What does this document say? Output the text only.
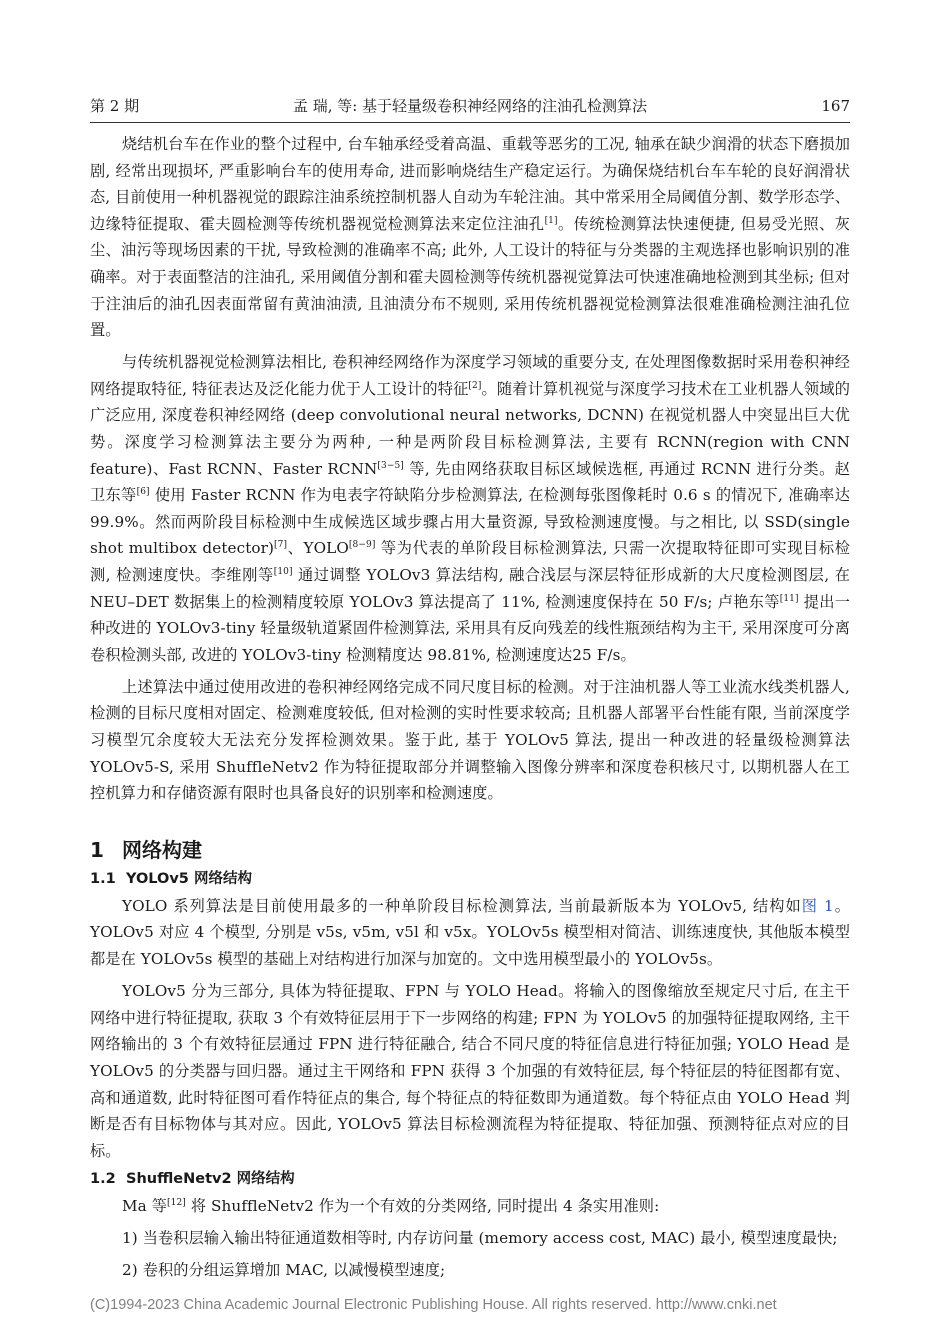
第 2 期	孟 瑞, 等: 基于轻量级卷积神经网络的注油孔检测算法	167

烧结机台车在作业的整个过程中, 台车轴承经受着高温、重载等恶劣的工况, 轴承在缺少润滑的状态下磨损加剧, 经常出现损坏, 严重影响台车的使用寿命, 进而影响烧结生产稳定运行。为确保烧结机台车车轮的良好润滑状态, 目前使用一种机器视觉的跟踪注油系统控制机器人自动为车轮注油。其中常采用全局阈值分割、数学形态学、边缘特征提取、霍夫圆检测等传统机器视觉检测算法来定位注油孔[1]。传统检测算法快速便捷, 但易受光照、灰尘、油污等现场因素的干扰, 导致检测的准确率不高; 此外, 人工设计的特征与分类器的主观选择也影响识别的准确率。对于表面整洁的注油孔, 采用阈值分割和霍夫圆检测等传统机器视觉算法可快速准确地检测到其坐标; 但对于注油后的油孔因表面常留有黄油油渍, 且油渍分布不规则, 采用传统机器视觉检测算法很难准确检测注油孔位置。

与传统机器视觉检测算法相比, 卷积神经网络作为深度学习领域的重要分支, 在处理图像数据时采用卷积神经网络提取特征, 特征表达及泛化能力优于人工设计的特征[2]。随着计算机视觉与深度学习技术在工业机器人领域的广泛应用, 深度卷积神经网络 (deep convolutional neural networks, DCNN) 在视觉机器人中突显出巨大优势。深度学习检测算法主要分为两种, 一种是两阶段目标检测算法, 主要有 RCNN(region with CNN feature)、Fast RCNN、Faster RCNN[3−5] 等, 先由网络获取目标区域候选框, 再通过 RCNN 进行分类。赵卫东等[6] 使用 Faster RCNN 作为电表字符缺陷分步检测算法, 在检测每张图像耗时 0.6 s 的情况下, 准确率达 99.9%。然而两阶段目标检测中生成候选区域步骤占用大量资源, 导致检测速度慢。与之相比, 以 SSD(single shot multibox detector)[7]、YOLO[8−9] 等为代表的单阶段目标检测算法, 只需一次提取特征即可实现目标检测, 检测速度快。李维刚等[10] 通过调整 YOLOv3 算法结构, 融合浅层与深层特征形成新的大尺度检测图层, 在 NEU–DET 数据集上的检测精度较原 YOLOv3 算法提高了 11%, 检测速度保持在 50 F/s; 卢艳东等[11] 提出一种改进的 YOLOv3-tiny 轻量级轨道紧固件检测算法, 采用具有反向残差的线性瓶颈结构为主干, 采用深度可分离卷积检测头部, 改进的 YOLOv3-tiny 检测精度达 98.81%, 检测速度达25 F/s。

上述算法中通过使用改进的卷积神经网络完成不同尺度目标的检测。对于注油机器人等工业流水线类机器人, 检测的目标尺度相对固定、检测难度较低, 但对检测的实时性要求较高; 且机器人部署平台性能有限, 当前深度学习模型冗余度较大无法充分发挥检测效果。鉴于此, 基于 YOLOv5 算法, 提出一种改进的轻量级检测算法 YOLOv5-S, 采用 ShuffleNetv2 作为特征提取部分并调整输入图像分辨率和深度卷积核尺寸, 以期机器人在工控机算力和存储资源有限时也具备良好的识别率和检测速度。

1 网络构建
1.1 YOLOv5 网络结构

YOLO 系列算法是目前使用最多的一种单阶段目标检测算法, 当前最新版本为 YOLOv5, 结构如图 1。YOLOv5 对应 4 个模型, 分别是 v5s, v5m, v5l 和 v5x。YOLOv5s 模型相对简洁、训练速度快, 其他版本模型都是在 YOLOv5s 模型的基础上对结构进行加深与加宽的。文中选用模型最小的 YOLOv5s。

YOLOv5 分为三部分, 具体为特征提取、FPN 与 YOLO Head。将输入的图像缩放至规定尺寸后, 在主干网络中进行特征提取, 获取 3 个有效特征层用于下一步网络的构建; FPN 为 YOLOv5 的加强特征提取网络, 主干网络输出的 3 个有效特征层通过 FPN 进行特征融合, 结合不同尺度的特征信息进行特征加强; YOLO Head 是 YOLOv5 的分类器与回归器。通过主干网络和 FPN 获得 3 个加强的有效特征层, 每个特征层的特征图都有宽、高和通道数, 此时特征图可看作特征点的集合, 每个特征点的特征数即为通道数。每个特征点由 YOLO Head 判断是否有目标物体与其对应。因此, YOLOv5 算法目标检测流程为特征提取、特征加强、预测特征点对应的目标。

1.2 ShuffleNetv2 网络结构

Ma 等[12] 将 ShuffleNetv2 作为一个有效的分类网络, 同时提出 4 条实用准则:

1) 当卷积层输入输出特征通道数相等时, 内存访问量 (memory access cost, MAC) 最小, 模型速度最快;

2) 卷积的分组运算增加 MAC, 以减慢模型速度;

(C)1994-2023 China Academic Journal Electronic Publishing House. All rights reserved. http://www.cnki.net
